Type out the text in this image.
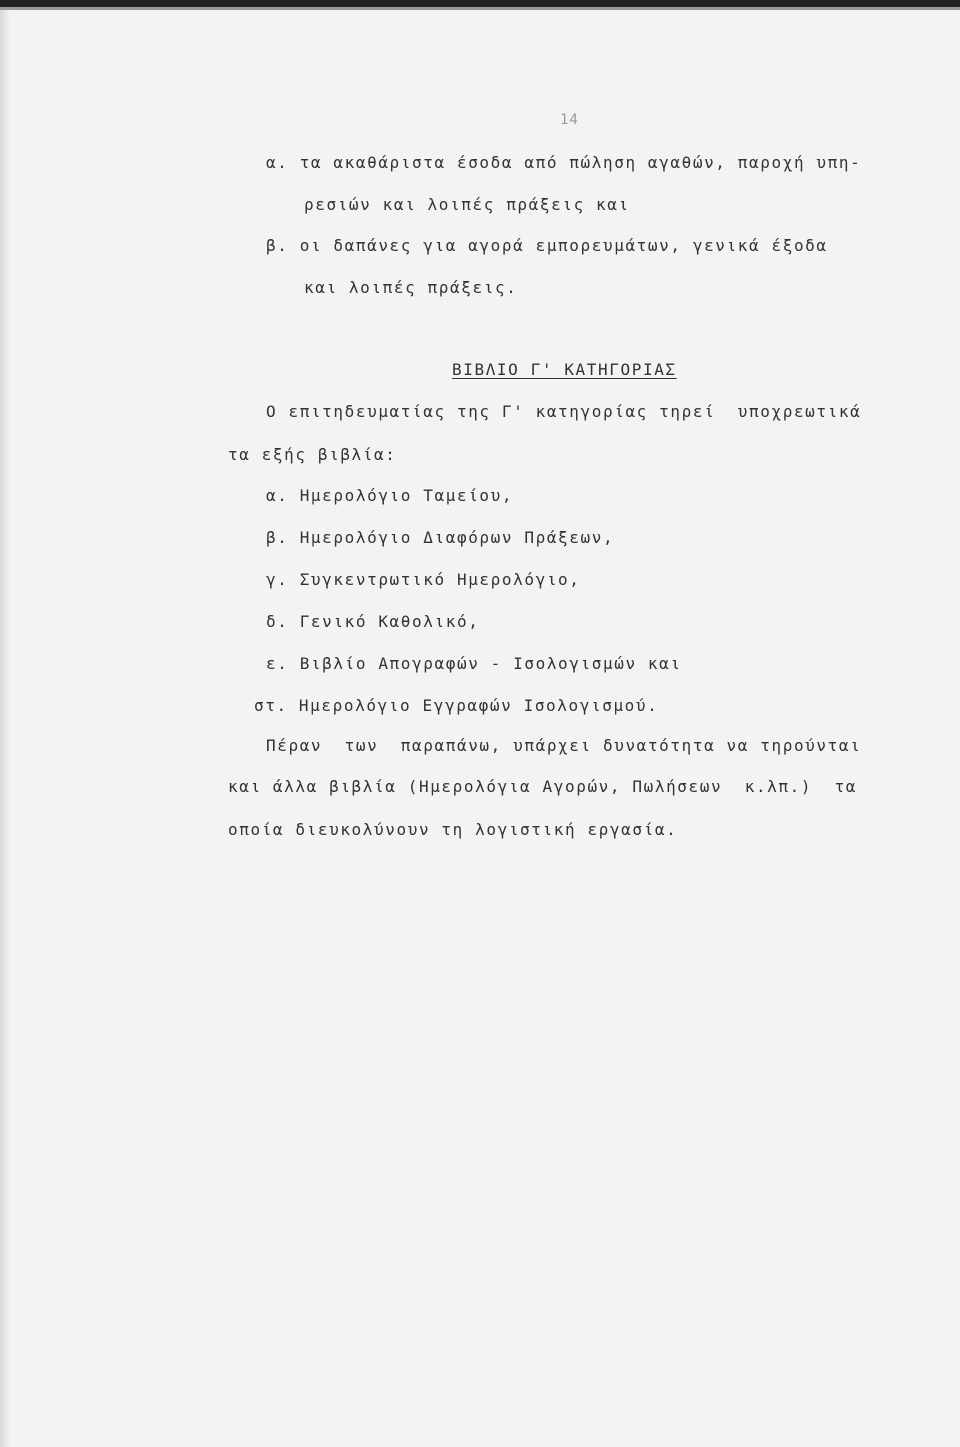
14
α. τα ακαθάριστα έσοδα από πώληση αγαθών, παροχή υπη-
ρεσιών και λοιπές πράξεις και
β. οι δαπάνες για αγορά εμπορευμάτων, γενικά έξοδα
και λοιπές πράξεις.
ΒΙΒΛΙΟ Γ' ΚΑΤΗΓΟΡΙΑΣ
Ο επιτηδευματίας της Γ' κατηγορίας τηρεί  υποχρεωτικά
τα εξής βιβλία:
α. Ημερολόγιο Ταμείου,
β. Ημερολόγιο Διαφόρων Πράξεων,
γ. Συγκεντρωτικό Ημερολόγιο,
δ. Γενικό Καθολικό,
ε. Βιβλίο Απογραφών - Ισολογισμών και
στ. Ημερολόγιο Εγγραφών Ισολογισμού.
Πέραν  των  παραπάνω, υπάρχει δυνατότητα να τηρούνται
και άλλα βιβλία (Ημερολόγια Αγορών, Πωλήσεων  κ.λπ.)  τα
οποία διευκολύνουν τη λογιστική εργασία.
